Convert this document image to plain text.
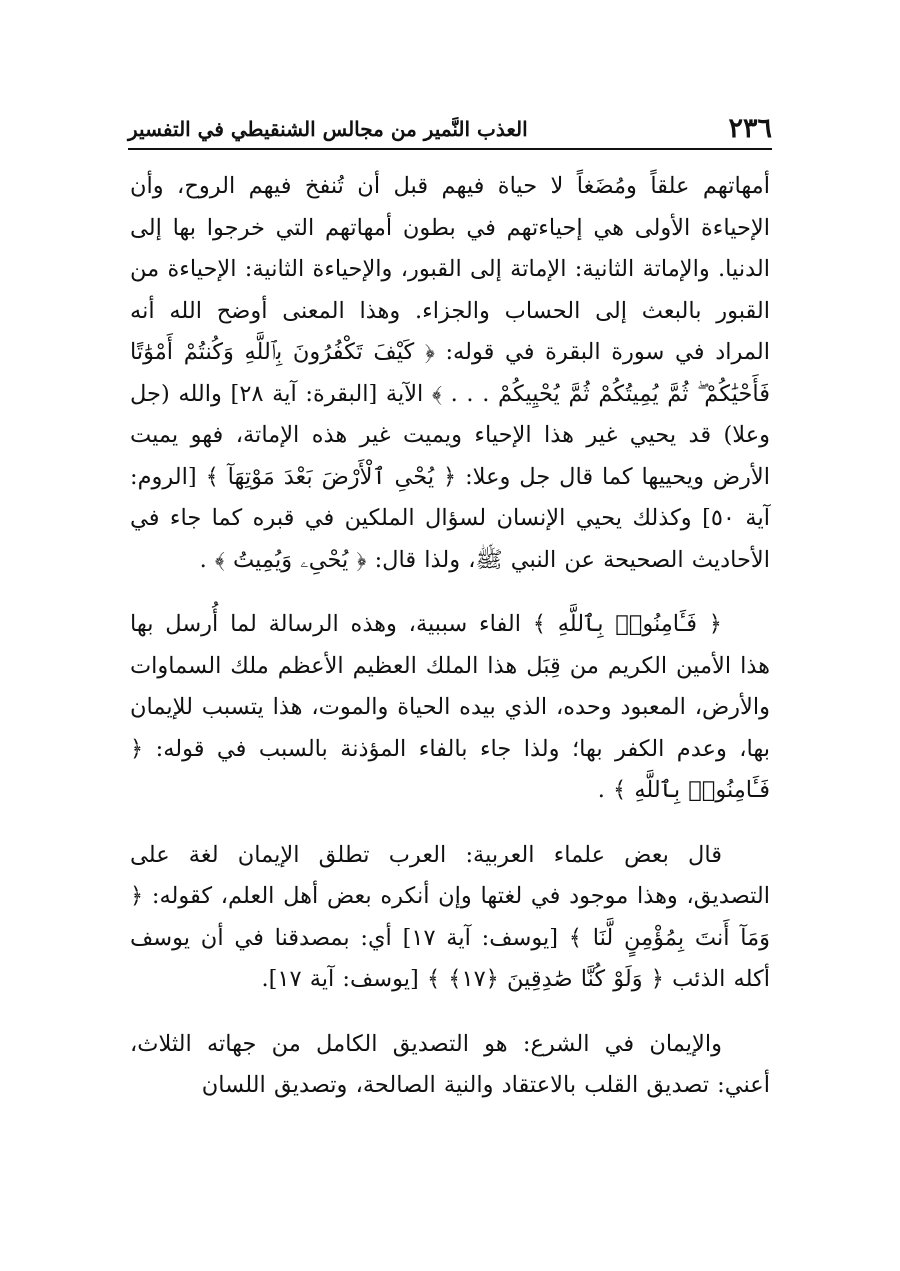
٢٣٦
العذب النَّمير من مجالس الشنقيطي في التفسير

أمهاتهم علقاً ومُضَغاً لا حياة فيهم قبل أن تُنفخ فيهم الروح، وأن الإحياءة الأولى هي إحياءتهم في بطون أمهاتهم التي خرجوا بها إلى الدنيا. والإماتة الثانية: الإماتة إلى القبور، والإحياءة الثانية: الإحياءة من القبور بالبعث إلى الحساب والجزاء. وهذا المعنى أوضح الله أنه المراد في سورة البقرة في قوله: ﴿ كَيْفَ تَكْفُرُونَ بِٱللَّهِ وَكُنتُمْ أَمْوَٰتًا فَأَحْيَٰكُمْ ۖ ثُمَّ يُمِيتُكُمْ ثُمَّ يُحْيِيكُمْ . . . ﴾ الآية [البقرة: آية ٢٨] والله (جل وعلا) قد يحيي غير هذا الإحياء ويميت غير هذه الإماتة، فهو يميت الأرض ويحييها كما قال جل وعلا: ﴿ يُحْىِ ٱلْأَرْضَ بَعْدَ مَوْتِهَآ ﴾ [الروم: آية ٥٠] وكذلك يحيي الإنسان لسؤال الملكين في قبره كما جاء في الأحاديث الصحيحة عن النبي ﷺ، ولذا قال: ﴿ يُحْىِۦ وَيُمِيتُ ﴾ .

﴿ فَـَٔامِنُوا۟ بِٱللَّهِ ﴾ الفاء سببية، وهذه الرسالة لما أُرسل بها هذا الأمين الكريم من قِبَل هذا الملك العظيم الأعظم ملك السماوات والأرض، المعبود وحده، الذي بيده الحياة والموت، هذا يتسبب للإيمان بها، وعدم الكفر بها؛ ولذا جاء بالفاء المؤذنة بالسبب في قوله: ﴿ فَـَٔامِنُوا۟ بِٱللَّهِ ﴾ .

قال بعض علماء العربية: العرب تطلق الإيمان لغة على التصديق، وهذا موجود في لغتها وإن أنكره بعض أهل العلم، كقوله: ﴿ وَمَآ أَنتَ بِمُؤْمِنٍ لَّنَا ﴾ [يوسف: آية ١٧] أي: بمصدقنا في أن يوسف أكله الذئب ﴿ وَلَوْ كُنَّا صَٰدِقِينَ ﴿١٧﴾ ﴾ [يوسف: آية ١٧].

والإيمان في الشرع: هو التصديق الكامل من جهاته الثلاث، أعني: تصديق القلب بالاعتقاد والنية الصالحة، وتصديق اللسان
